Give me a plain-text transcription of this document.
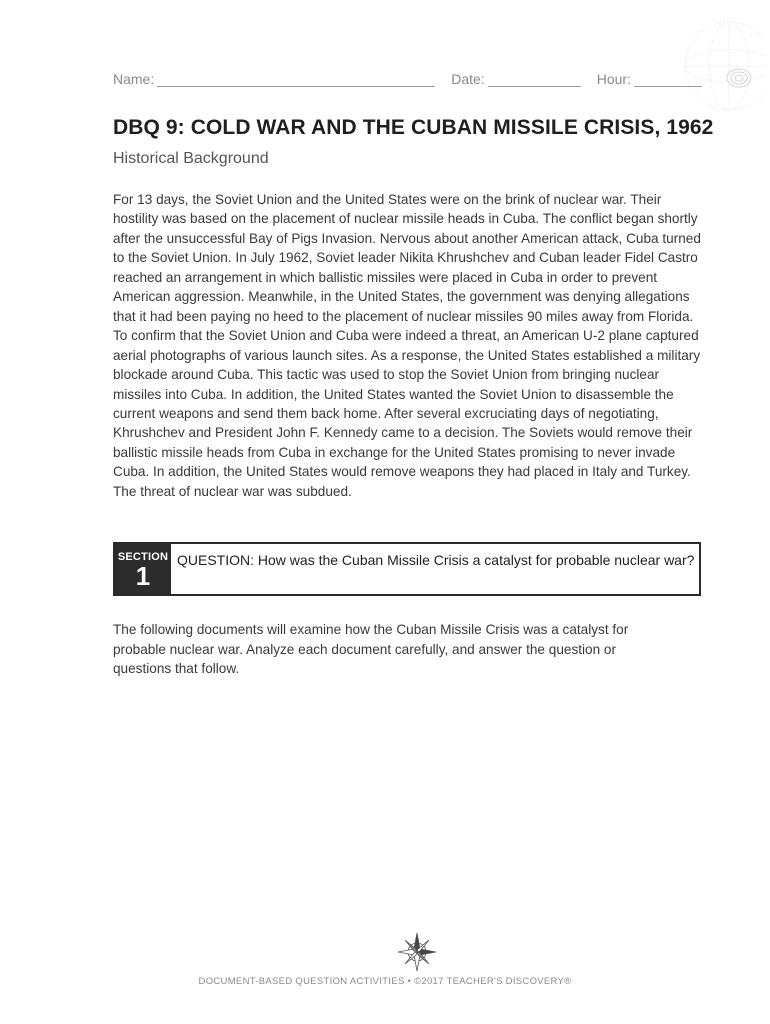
Name:	Date:	Hour:
DBQ 9: COLD WAR AND THE CUBAN MISSILE CRISIS, 1962
Historical Background
For 13 days, the Soviet Union and the United States were on the brink of nuclear war. Their hostility was based on the placement of nuclear missile heads in Cuba. The conflict began shortly after the unsuccessful Bay of Pigs Invasion. Nervous about another American attack, Cuba turned to the Soviet Union. In July 1962, Soviet leader Nikita Khrushchev and Cuban leader Fidel Castro reached an arrangement in which ballistic missiles were placed in Cuba in order to prevent American aggression. Meanwhile, in the United States, the government was denying allegations that it had been paying no heed to the placement of nuclear missiles 90 miles away from Florida. To confirm that the Soviet Union and Cuba were indeed a threat, an American U-2 plane captured aerial photographs of various launch sites. As a response, the United States established a military blockade around Cuba. This tactic was used to stop the Soviet Union from bringing nuclear missiles into Cuba. In addition, the United States wanted the Soviet Union to disassemble the current weapons and send them back home. After several excruciating days of negotiating, Khrushchev and President John F. Kennedy came to a decision. The Soviets would remove their ballistic missile heads from Cuba in exchange for the United States promising to never invade Cuba. In addition, the United States would remove weapons they had placed in Italy and Turkey. The threat of nuclear war was subdued.
SECTION
1
QUESTION: How was the Cuban Missile Crisis a catalyst for probable nuclear war?
The following documents will examine how the Cuban Missile Crisis was a catalyst for probable nuclear war. Analyze each document carefully, and answer the question or questions that follow.
DOCUMENT-BASED QUESTION ACTIVITIES • ©2017 TEACHER'S DISCOVERY®
